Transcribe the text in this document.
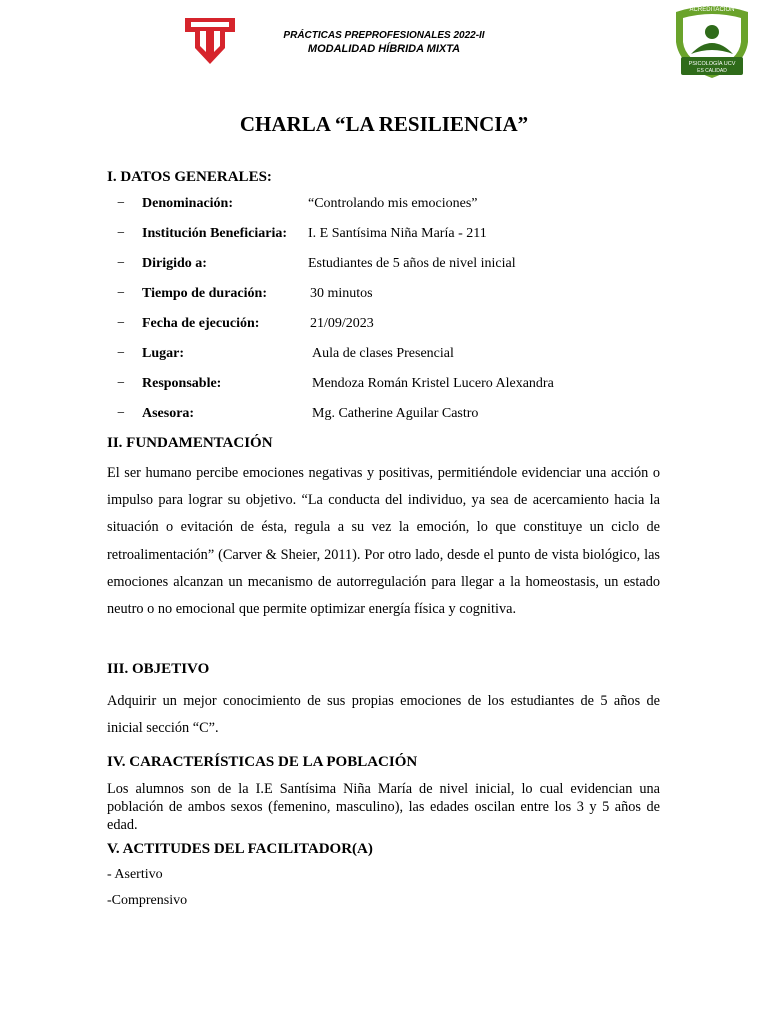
ACREDITACIÓN
PSICOLOGÍA UCV
ES CALIDAD
PRÁCTICAS PREPROFESIONALES 2022-II
MODALIDAD HÍBRIDA MIXTA
CHARLA “LA RESILIENCIA”
I. DATOS GENERALES:
− Denominación:	“Controlando mis emociones”
− Institución Beneficiaria: I. E Santísima Niña María - 211
− Dirigido a:	Estudiantes de 5 años de nivel inicial
− Tiempo de duración:	30 minutos
− Fecha de ejecución:	21/09/2023
− Lugar:	Aula de clases Presencial
− Responsable:	Mendoza Román Kristel Lucero Alexandra
− Asesora:	Mg. Catherine Aguilar Castro
II. FUNDAMENTACIÓN

El ser humano percibe emociones negativas y positivas, permitiéndole evidenciar una acción o impulso para lograr su objetivo. “La conducta del individuo, ya sea de acercamiento hacia la situación o evitación de ésta, regula a su vez la emoción, lo que constituye un ciclo de retroalimentación” (Carver & Sheier, 2011). Por otro lado, desde el punto de vista biológico, las emociones alcanzan un mecanismo de autorregulación para llegar a la homeostasis, un estado neutro o no emocional que permite optimizar energía física y cognitiva.

III. OBJETIVO

Adquirir un mejor conocimiento de sus propias emociones de los estudiantes de 5 años de inicial sección “C”.

IV. CARACTERÍSTICAS DE LA POBLACIÓN

Los alumnos son de la I.E Santísima Niña María de nivel inicial, lo cual evidencian una población de ambos sexos (femenino, masculino), las edades oscilan entre los 3 y 5 años de edad.

V. ACTITUDES DEL FACILITADOR(A)
- Asertivo
-Comprensivo
